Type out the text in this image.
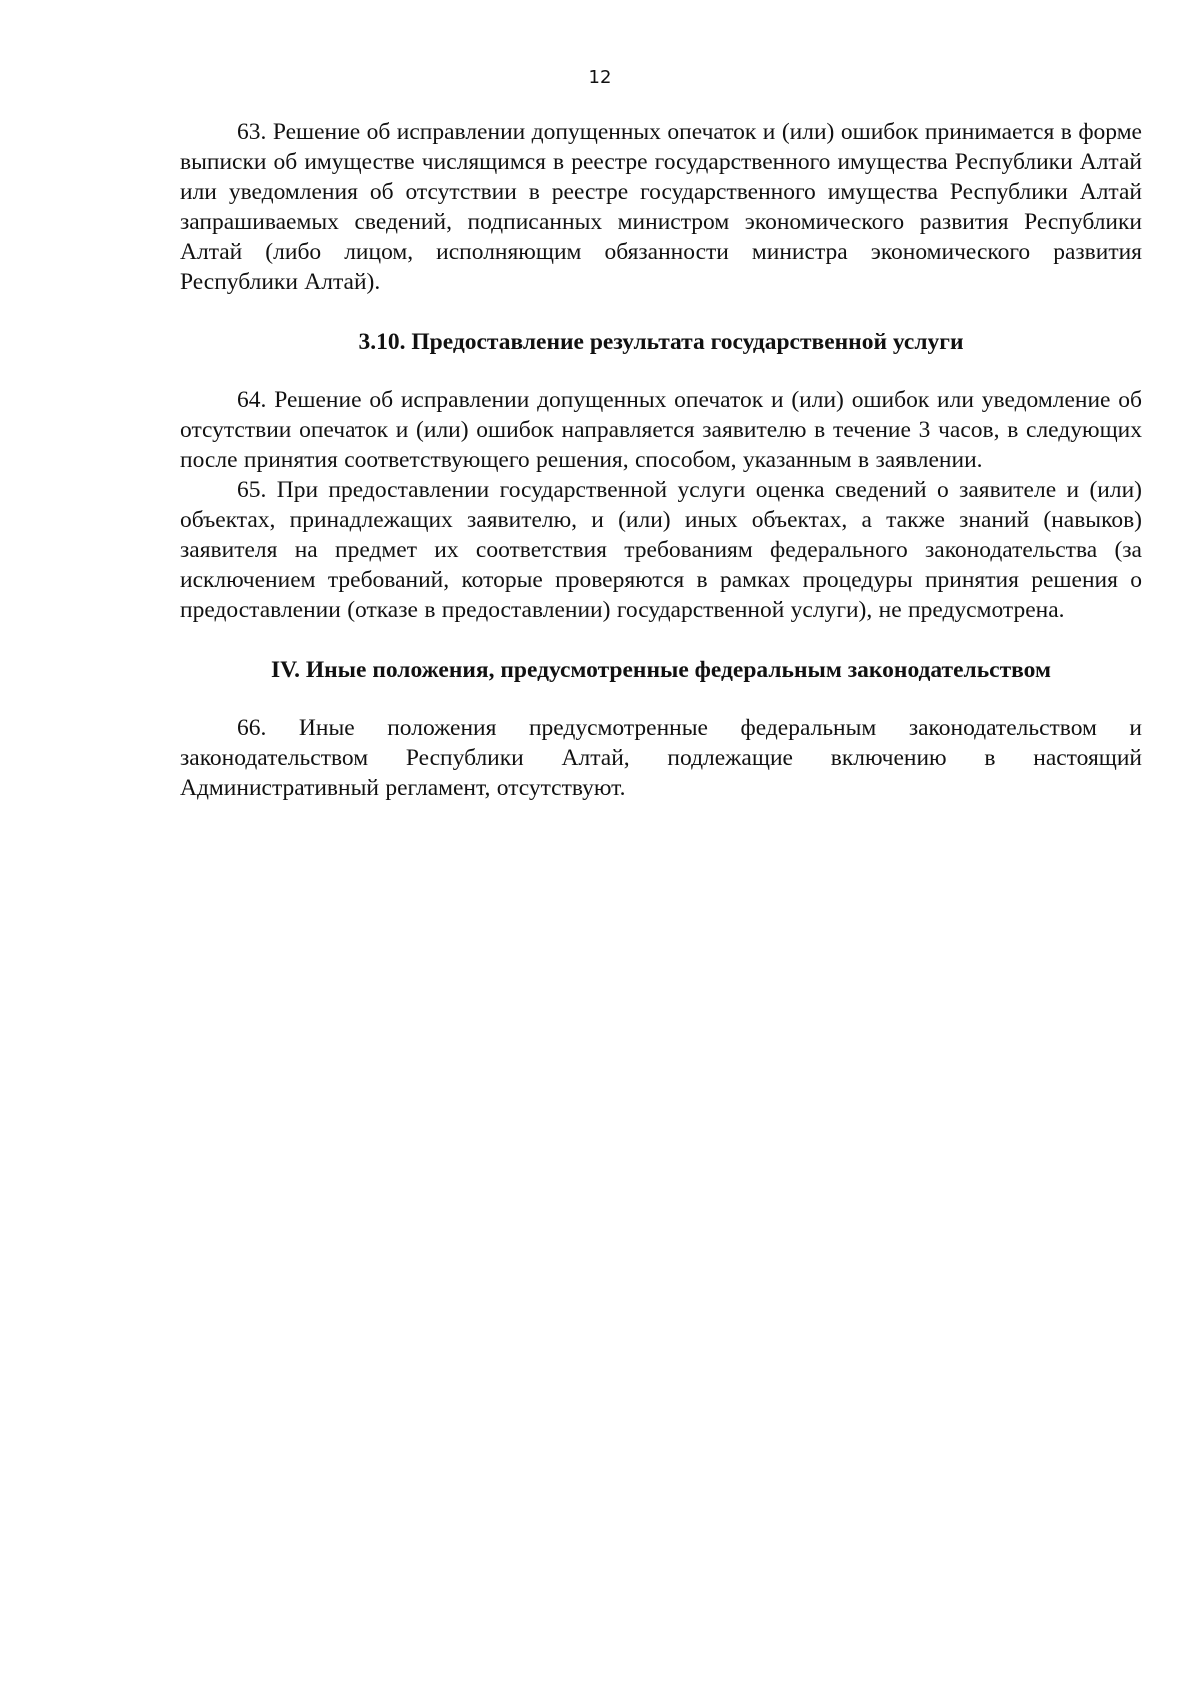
12

63. Решение об исправлении допущенных опечаток и (или) ошибок принимается в форме выписки об имуществе числящимся в реестре государственного имущества Республики Алтай или уведомления об отсутствии в реестре государственного имущества Республики Алтай запрашиваемых сведений, подписанных министром экономического развития Республики Алтай (либо лицом, исполняющим обязанности министра экономического развития Республики Алтай).

3.10. Предоставление результата государственной услуги

64. Решение об исправлении допущенных опечаток и (или) ошибок или уведомление об отсутствии опечаток и (или) ошибок направляется заявителю в течение 3 часов, в следующих после принятия соответствующего решения, способом, указанным в заявлении.

65. При предоставлении государственной услуги оценка сведений о заявителе и (или) объектах, принадлежащих заявителю, и (или) иных объектах, а также знаний (навыков) заявителя на предмет их соответствия требованиям федерального законодательства (за исключением требований, которые проверяются в рамках процедуры принятия решения о предоставлении (отказе в предоставлении) государственной услуги), не предусмотрена.

IV. Иные положения, предусмотренные федеральным законодательством

66. Иные положения предусмотренные федеральным законодательством и законодательством Республики Алтай, подлежащие включению в настоящий Административный регламент, отсутствуют.
